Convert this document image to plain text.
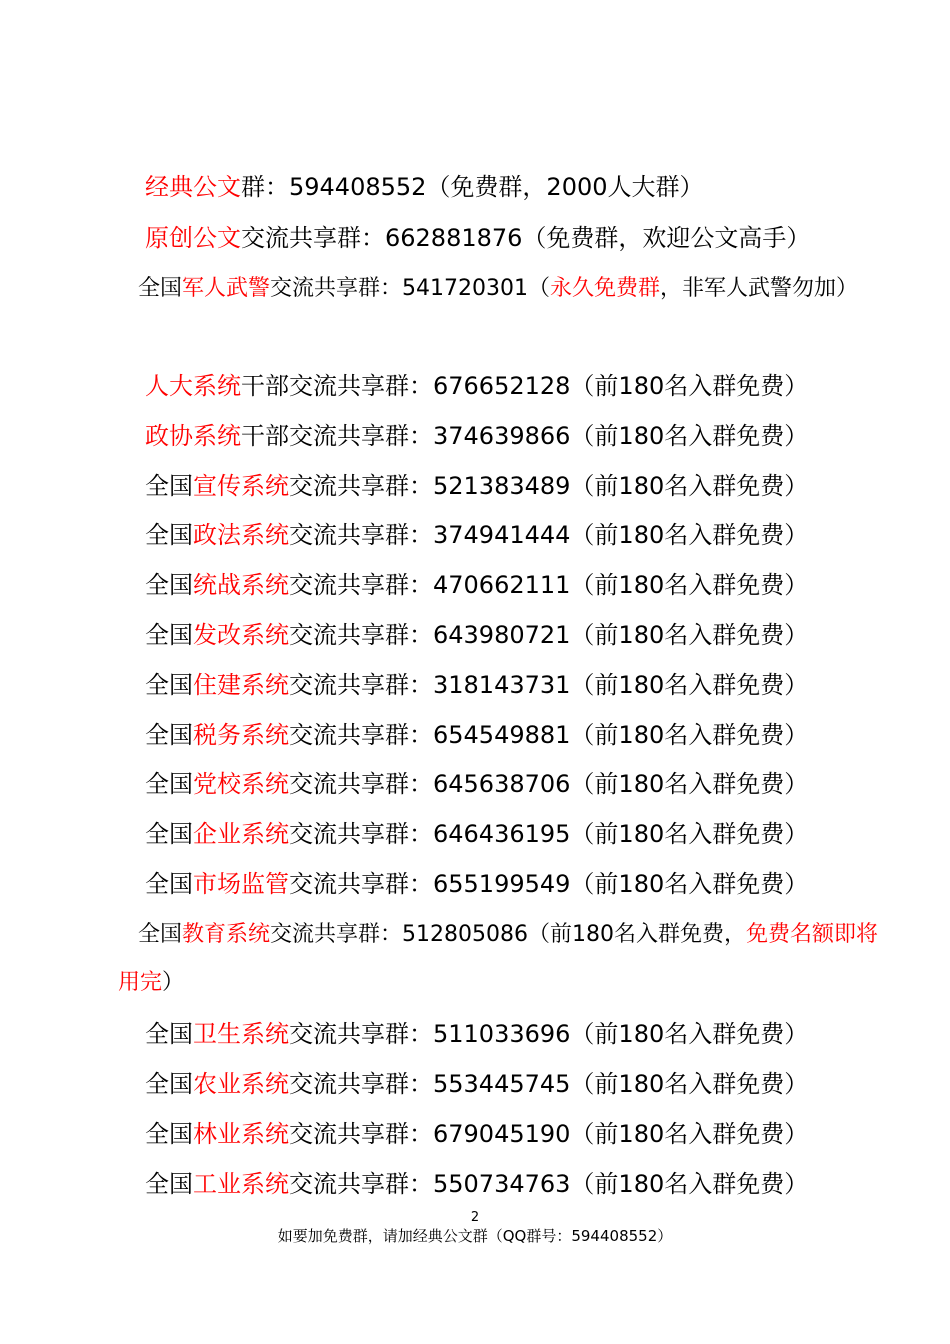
经典公文群：594408552（免费群，2000人大群）
原创公文交流共享群：662881876（免费群，欢迎公文高手）
全国军人武警交流共享群：541720301（永久免费群，非军人武警勿加）
人大系统干部交流共享群：676652128（前180名入群免费）
政协系统干部交流共享群：374639866（前180名入群免费）
全国宣传系统交流共享群：521383489（前180名入群免费）
全国政法系统交流共享群：374941444（前180名入群免费）
全国统战系统交流共享群：470662111（前180名入群免费）
全国发改系统交流共享群：643980721（前180名入群免费）
全国住建系统交流共享群：318143731（前180名入群免费）
全国税务系统交流共享群：654549881（前180名入群免费）
全国党校系统交流共享群：645638706（前180名入群免费）
全国企业系统交流共享群：646436195（前180名入群免费）
全国市场监管交流共享群：655199549（前180名入群免费）
全国教育系统交流共享群：512805086（前180名入群免费，免费名额即将
用完）
全国卫生系统交流共享群：511033696（前180名入群免费）
全国农业系统交流共享群：553445745（前180名入群免费）
全国林业系统交流共享群：679045190（前180名入群免费）
全国工业系统交流共享群：550734763（前180名入群免费）
2
如要加免费群，请加经典公文群（QQ群号：594408552）
